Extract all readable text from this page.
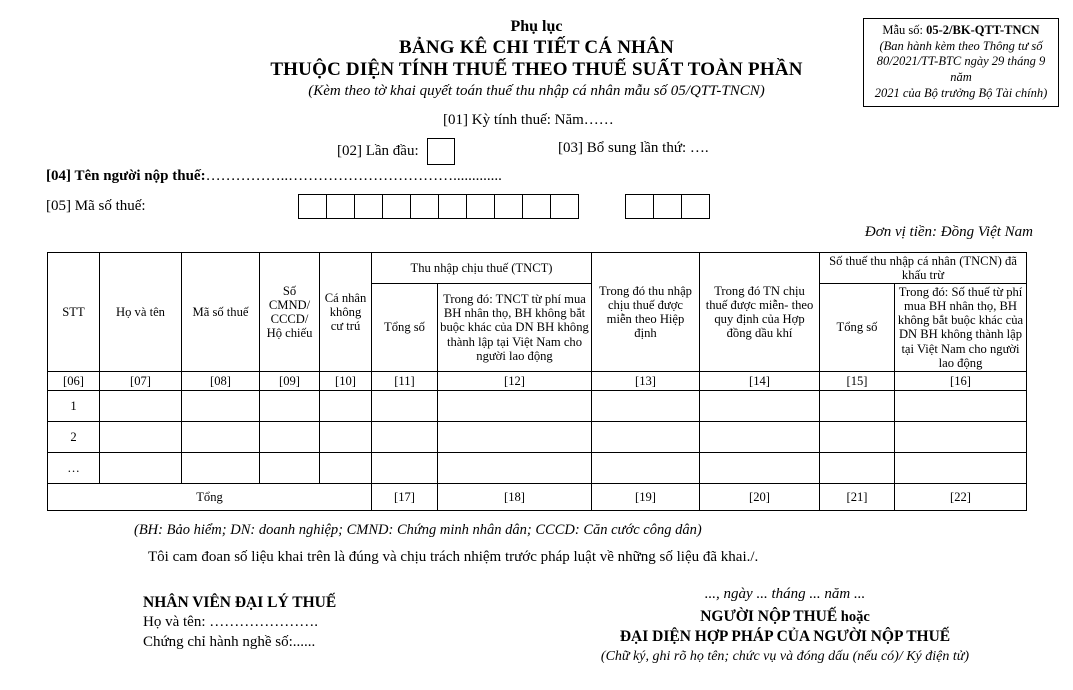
Phụ lục
BẢNG KÊ CHI TIẾT CÁ NHÂN
THUỘC DIỆN TÍNH THUẾ THEO THUẾ SUẤT TOÀN PHẦN
(Kèm theo tờ khai quyết toán thuế thu nhập cá nhân mẫu số 05/QTT-TNCN)
Mẫu số: 05-2/BK-QTT-TNCN
(Ban hành kèm theo Thông tư số
80/2021/TT-BTC ngày 29 tháng 9 năm
2021 của Bộ trưởng Bộ Tài chính)
[01] Kỳ tính thuế: Năm……
[02] Lần đầu:	[03] Bổ sung lần thứ: ….
[04] Tên người nộp thuế:……………..…………………………….............
[05] Mã số thuế:
Đơn vị tiền: Đồng Việt Nam
STT	Họ và tên	Mã số thuế	Số CMND/ CCCD/ Hộ chiếu	Cá nhân không cư trú	Thu nhập chịu thuế (TNCT)		Trong đó thu nhập chịu thuế được miễn theo Hiệp định	Trong đó TN chịu thuế được miễn- theo quy định của Hợp đồng dầu khí	Số thuế thu nhập cá nhân (TNCN) đã khấu trừ	
					Tổng số	Trong đó: TNCT từ phí mua BH nhân thọ, BH không bắt buộc khác của DN BH không thành lập tại Việt Nam cho người lao động			Tổng số	Trong đó: Số thuế từ phí mua BH nhân thọ, BH không bắt buộc khác của DN BH không thành lập tại Việt Nam cho người lao động
[06]	[07]	[08]	[09]	[10]	[11]	[12]	[13]	[14]	[15]	[16]
1										
2										
…										
Tổng					[17]	[18]	[19]	[20]	[21]	[22]
(BH: Bảo hiểm; DN: doanh nghiệp; CMND: Chứng minh nhân dân; CCCD: Căn cước công dân)
Tôi cam đoan số liệu khai trên là đúng và chịu trách nhiệm trước pháp luật về những số liệu đã khai./.
NHÂN VIÊN ĐẠI LÝ THUẾ
Họ và tên: ………………….
Chứng chỉ hành nghề số:......
..., ngày ... tháng ... năm ...
NGƯỜI NỘP THUẾ hoặc
ĐẠI DIỆN HỢP PHÁP CỦA NGƯỜI NỘP THUẾ
(Chữ ký, ghi rõ họ tên; chức vụ và đóng dấu (nếu có)/ Ký điện tử)
